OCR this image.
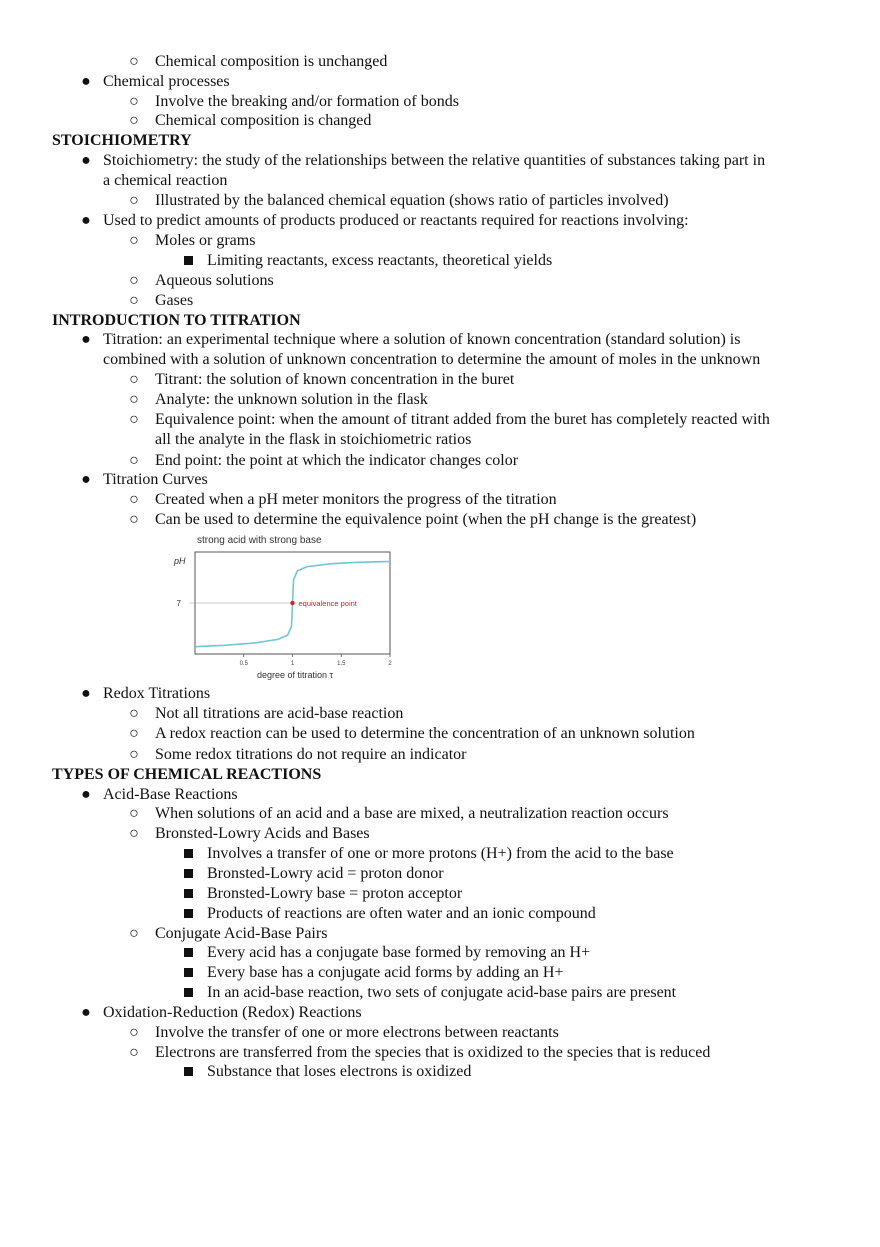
○ Chemical composition is unchanged
● Chemical processes
○ Involve the breaking and/or formation of bonds
○ Chemical composition is changed
STOICHIOMETRY
● Stoichiometry: the study of the relationships between the relative quantities of substances taking part in
a chemical reaction
○ Illustrated by the balanced chemical equation (shows ratio of particles involved)
● Used to predict amounts of products produced or reactants required for reactions involving:
○ Moles or grams
Limiting reactants, excess reactants, theoretical yields
○ Aqueous solutions
○ Gases
INTRODUCTION TO TITRATION
● Titration: an experimental technique where a solution of known concentration (standard solution) is
combined with a solution of unknown concentration to determine the amount of moles in the unknown
○ Titrant: the solution of known concentration in the buret
○ Analyte: the unknown solution in the flask
○ Equivalence point: when the amount of titrant added from the buret has completely reacted with
all the analyte in the flask in stoichiometric ratios
○ End point: the point at which the indicator changes color
● Titration Curves
○ Created when a pH meter monitors the progress of the titration
○ Can be used to determine the equivalence point (when the pH change is the greatest)
strong acid with strong base
pH
degree of titration τ
0.5	1	1.5	2
7	equivalence point
● Redox Titrations
○ Not all titrations are acid-base reaction
○ A redox reaction can be used to determine the concentration of an unknown solution
○ Some redox titrations do not require an indicator
TYPES OF CHEMICAL REACTIONS
● Acid-Base Reactions
○ When solutions of an acid and a base are mixed, a neutralization reaction occurs
○ Bronsted-Lowry Acids and Bases
Involves a transfer of one or more protons (H+) from the acid to the base
Bronsted-Lowry acid = proton donor
Bronsted-Lowry base = proton acceptor
Products of reactions are often water and an ionic compound
○ Conjugate Acid-Base Pairs
Every acid has a conjugate base formed by removing an H+
Every base has a conjugate acid forms by adding an H+
In an acid-base reaction, two sets of conjugate acid-base pairs are present
● Oxidation-Reduction (Redox) Reactions
○ Involve the transfer of one or more electrons between reactants
○ Electrons are transferred from the species that is oxidized to the species that is reduced
Substance that loses electrons is oxidized
